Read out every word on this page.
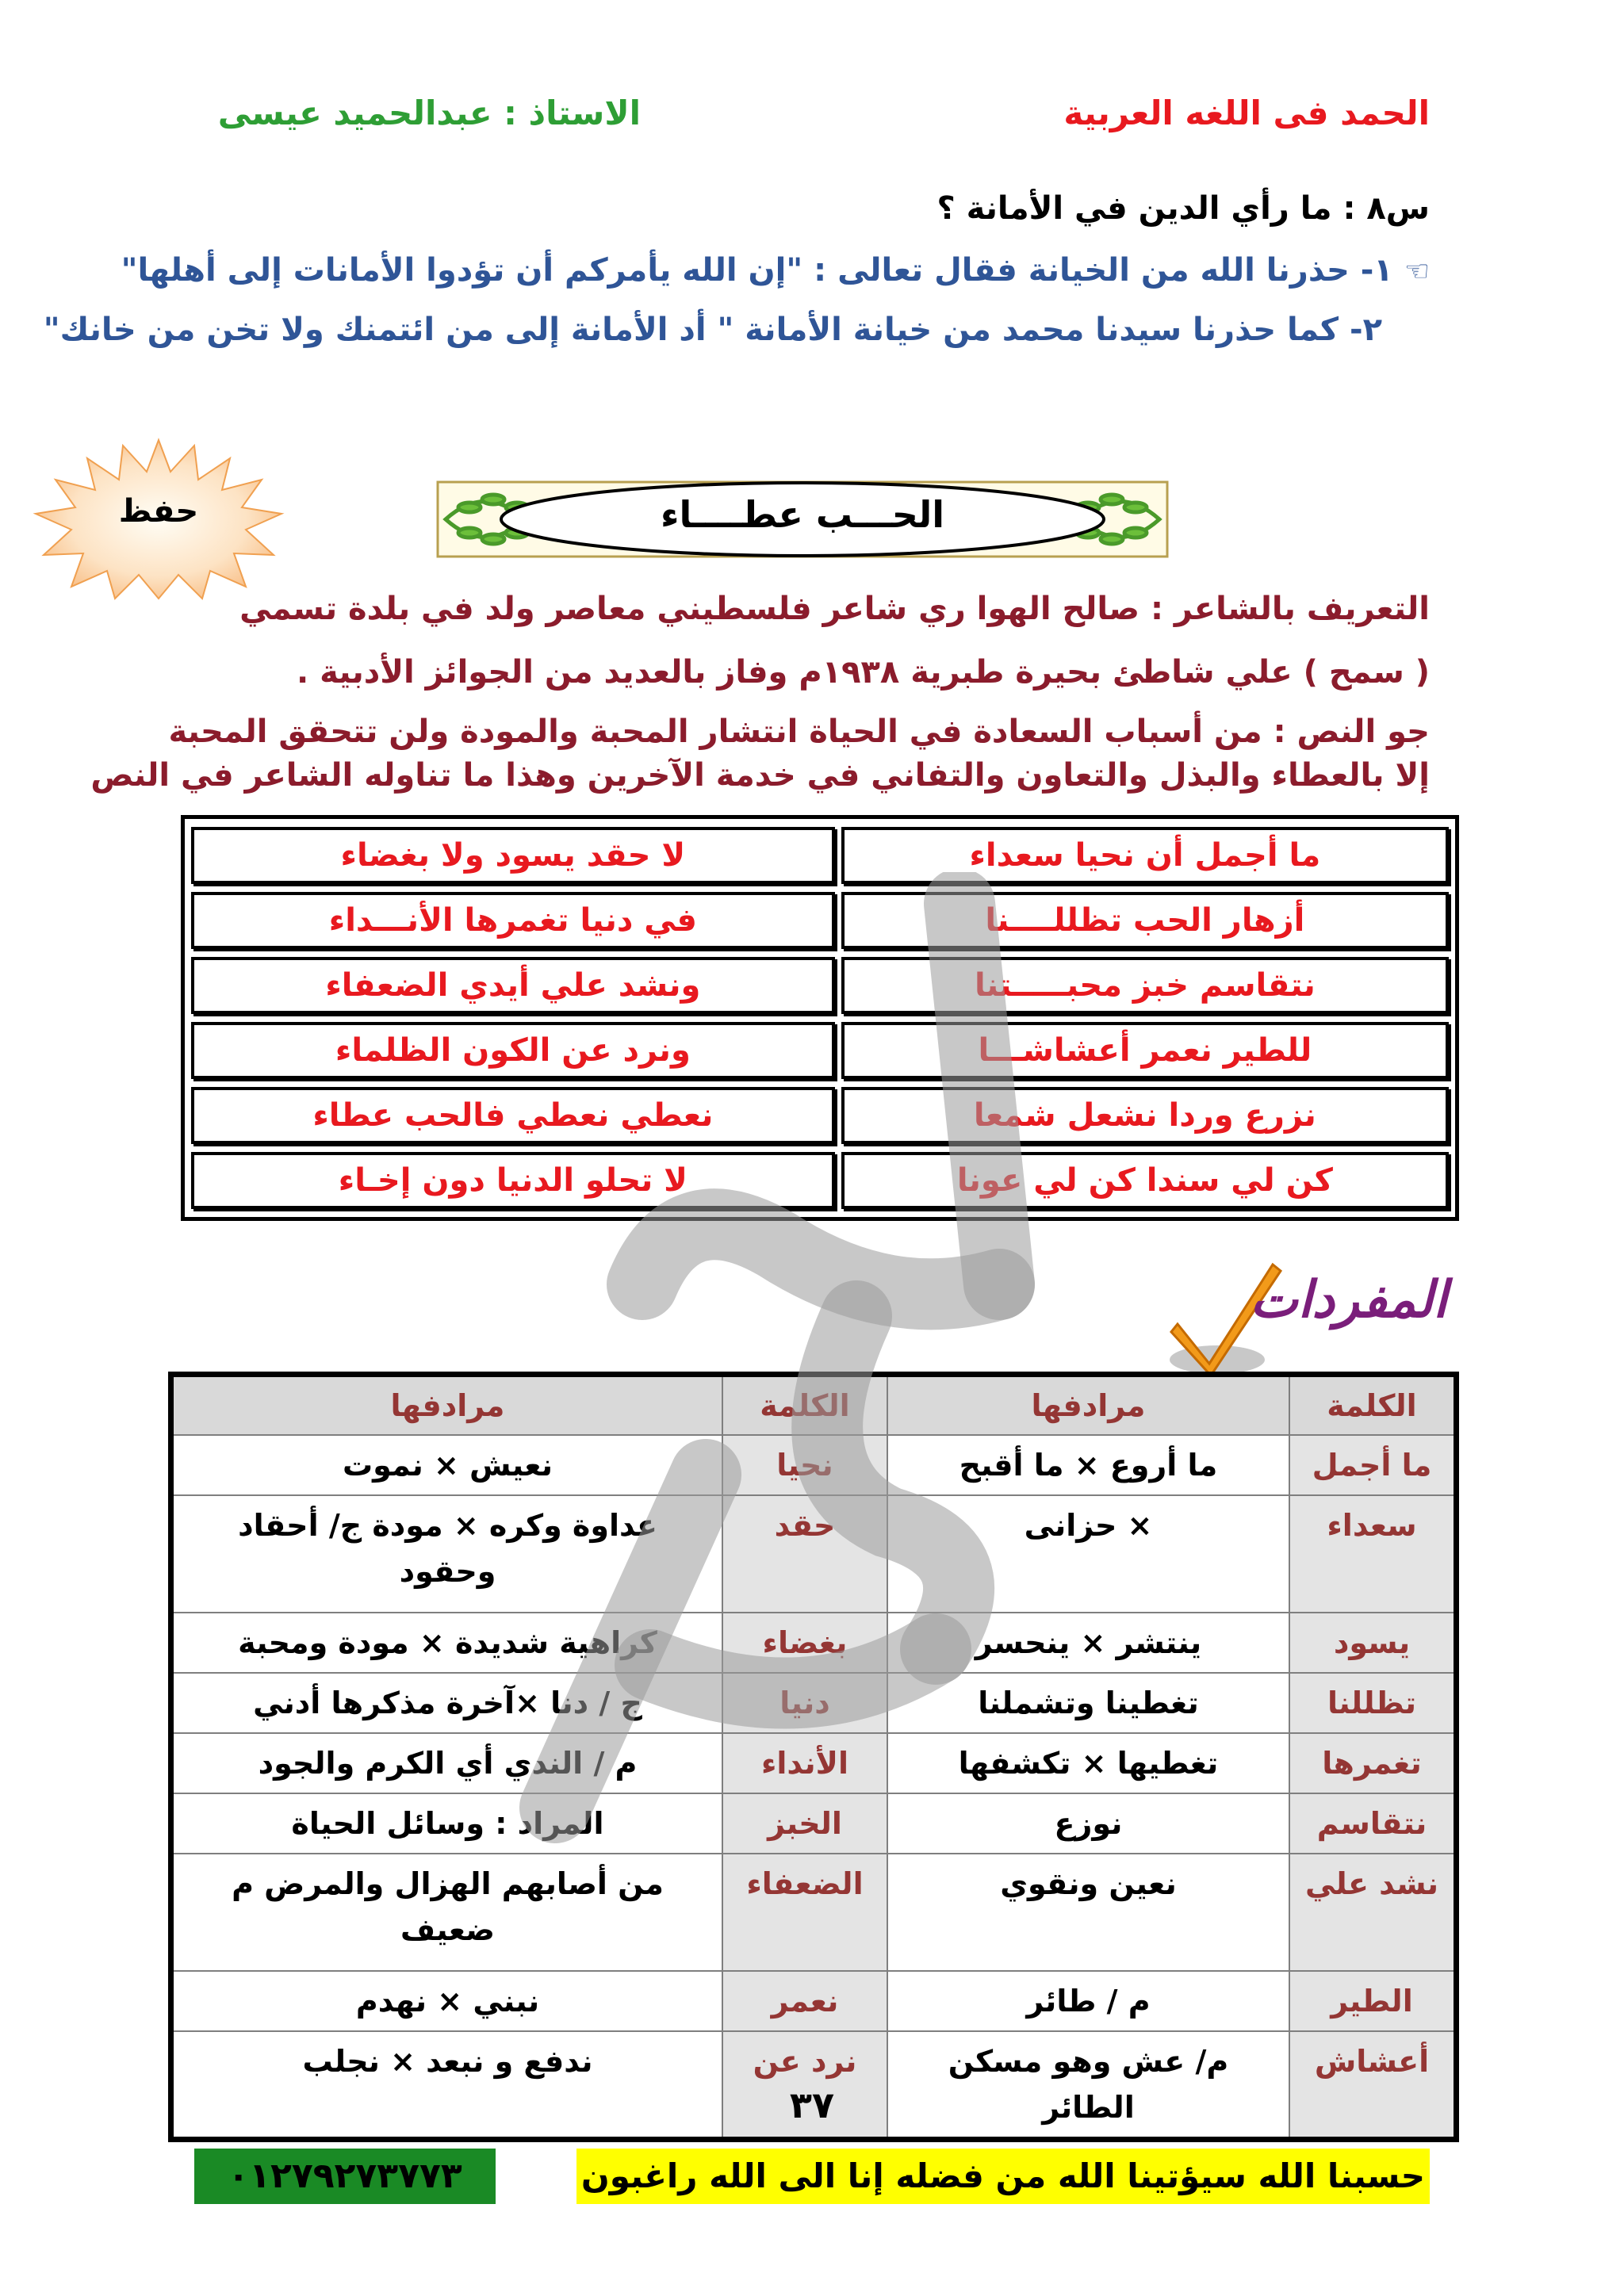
الاستاذ : عبدالحميد عيسى	الحمد فى اللغه العربية
س٨ : ما رأي الدين في الأمانة ؟
☜١- حذرنا الله من الخيانة فقال تعالى : "إن الله يأمركم أن تؤدوا الأمانات إلى أهلها"
٢- كما حذرنا سيدنا محمد من خيانة الأمانة " أد الأمانة إلى من ائتمنك ولا تخن من خانك"
حفظ	الحـــب عطــــاء
التعريف بالشاعر : صالح الهوا ري شاعر فلسطيني معاصر ولد في بلدة تسمي
( سمح ) علي شاطئ بحيرة طبرية ١٩٣٨م وفاز بالعديد من الجوائز الأدبية .
جو النص : من أسباب السعادة في الحياة انتشار المحبة والمودة ولن تتحقق المحبة
إلا بالعطاء والبذل والتعاون والتفاني في خدمة الآخرين وهذا ما تناوله الشاعر في النص
ما أجمل أن نحيا سعداء	لا حقد يسود ولا بغضاء
أزهار الحب تظللــــنا	في دنيا تغمرها الأنـــداء
نتقاسم خبز محبـــــتنا	ونشد علي أيدي الضعفاء
للطير نعمر أعشاشـــا	ونرد عن الكون الظلماء
نزرع وردا نشعل شمعا	نعطي نعطي فالحب عطاء
كن لي سندا كن لي عونا	لا تحلو الدنيا دون إخـاء
المفردات
الكلمة	مرادفها	الكلمة	مرادفها
ما أجمل	ما أروع × ما أقبح	نحيا	نعيش × نموت
سعداء	× حزانى	حقد	عداوة وكره × مودة ج/ أحقاد وحقود
يسود	ينتشر × ينحسر	بغضاء	كراهية شديدة × مودة ومحبة
تظللنا	تغطينا وتشملنا	دنيا	ج / دنا ×آخرة مذكرها أدني
تغمرها	تغطيها × تكشفها	الأنداء	م / الندي أي الكرم والجود
نتقاسم	نوزع	الخبز	المراد : وسائل الحياة
نشد علي	نعين ونقوي	الضعفاء	من أصابهم الهزال والمرض م ضعيف
الطير	م / طائر	نعمر	نبني × نهدم
أعشاش	م/ عش وهو مسكن الطائر	نرد عن	ندفع و نبعد × نجلب
٣٧
٠١٢٧٩٢٧٣٧٧٣	حسبنا الله سيؤتينا الله من فضله إنا الى الله راغبون
